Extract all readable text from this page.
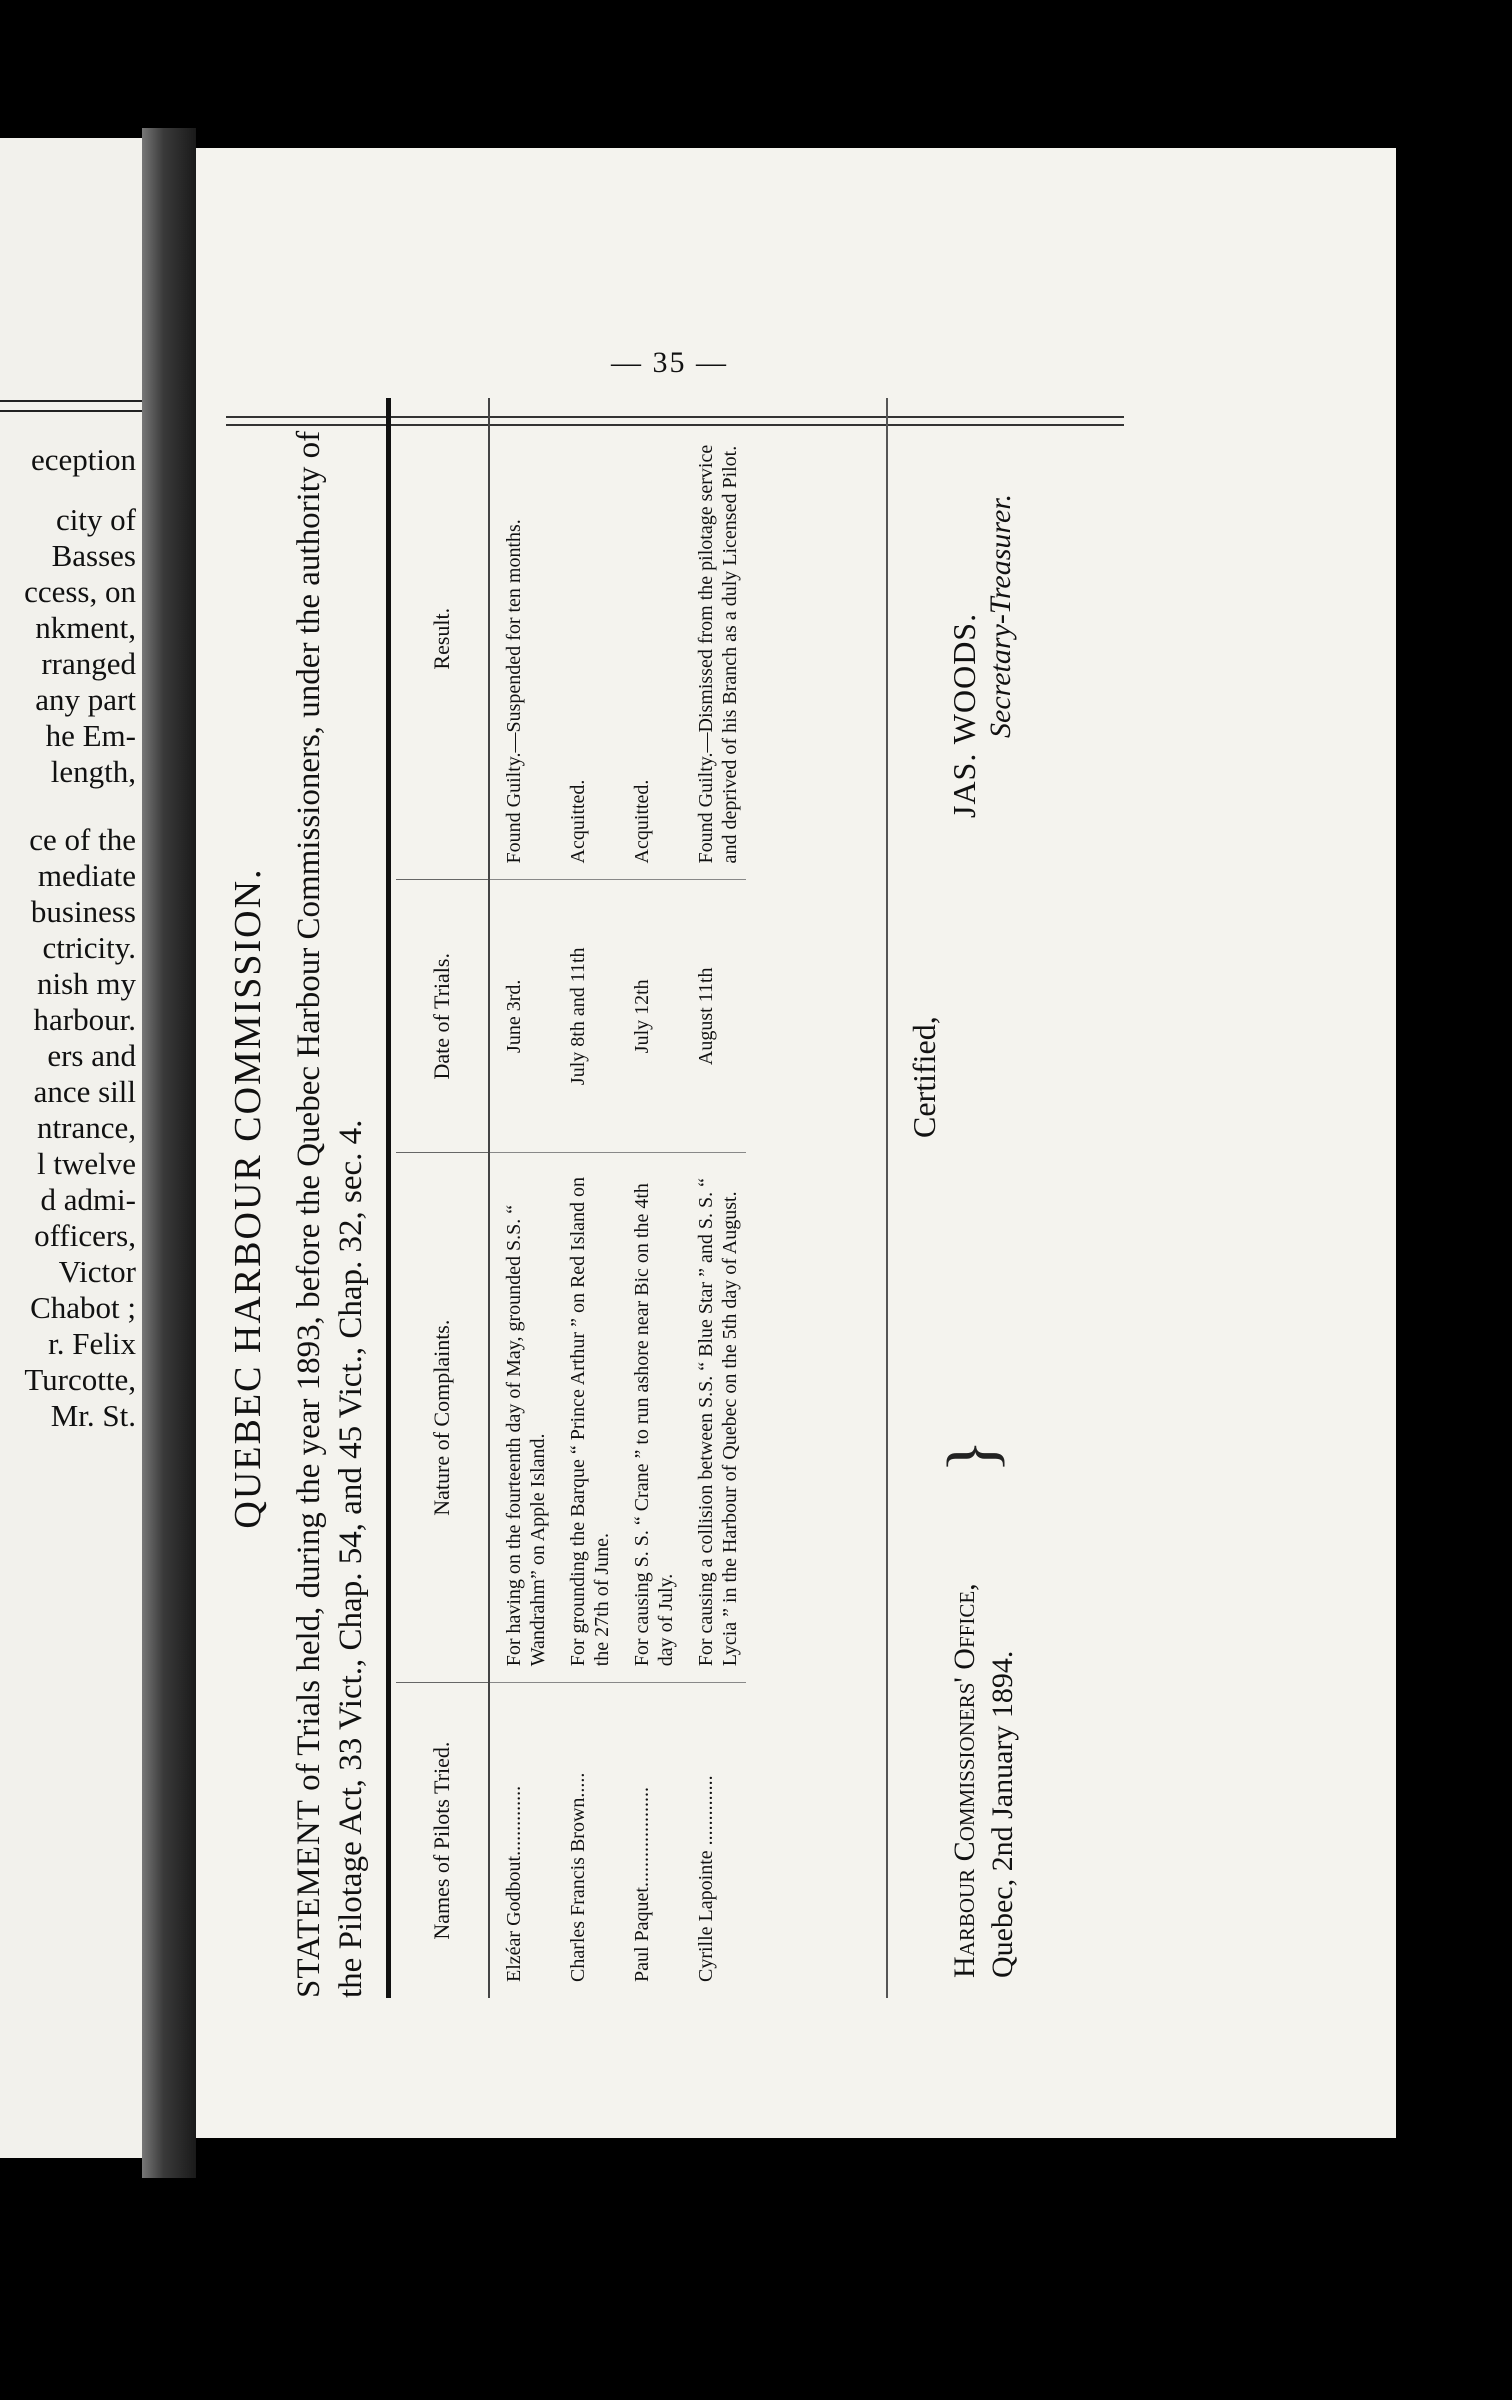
eception
city of
Basses
ccess, on
nkment,
rranged
any part
he Em-
length,
ce of the
mediate
business
ctricity.
nish my
harbour.
ers and
ance sill
ntrance,
l twelve
d admi-
officers,
Victor
Chabot ;
r. Felix
Turcotte,
Mr. St.
— 35 —
QUEBEC HARBOUR COMMISSION.
STATEMENT of Trials held, during the year 1893, before the Quebec Harbour Commissioners, under the authority of the Pilotage Act, 33 Vict., Chap. 54, and 45 Vict., Chap. 32, sec. 4.	Names of Pilots Tried.	Nature of Complaints.	Date of Trials.	Result.
Elzéar Godbout..............	For having on the fourteenth day of May, grounded S.S. “ Wandrahm” on Apple Island.	June 3rd.	Found Guilty.—Suspended for ten months.
Charles Francis Brown.....	For grounding the Barque “ Prince Arthur ” on Red Island on the 27th of June.	July 8th and 11th	Acquitted.
Paul Paquet....................	For causing S. S. “ Crane ” to run ashore near Bic on the 4th day of July.	July 12th	Acquitted.
Cyrille Lapointe ..............	For causing a collision between S.S. “ Blue Star ” and S. S. “ Lycia ” in the Harbour of Quebec on the 5th day of August.	August 11th	Found Guilty.—Dismissed from the pilotage service and deprived of his Branch as a duly Licensed Pilot.
Harbour Commissioners' Office, Quebec, 2nd January 1894.
}
Certified,
JAS. WOODS. Secretary-Treasurer.
